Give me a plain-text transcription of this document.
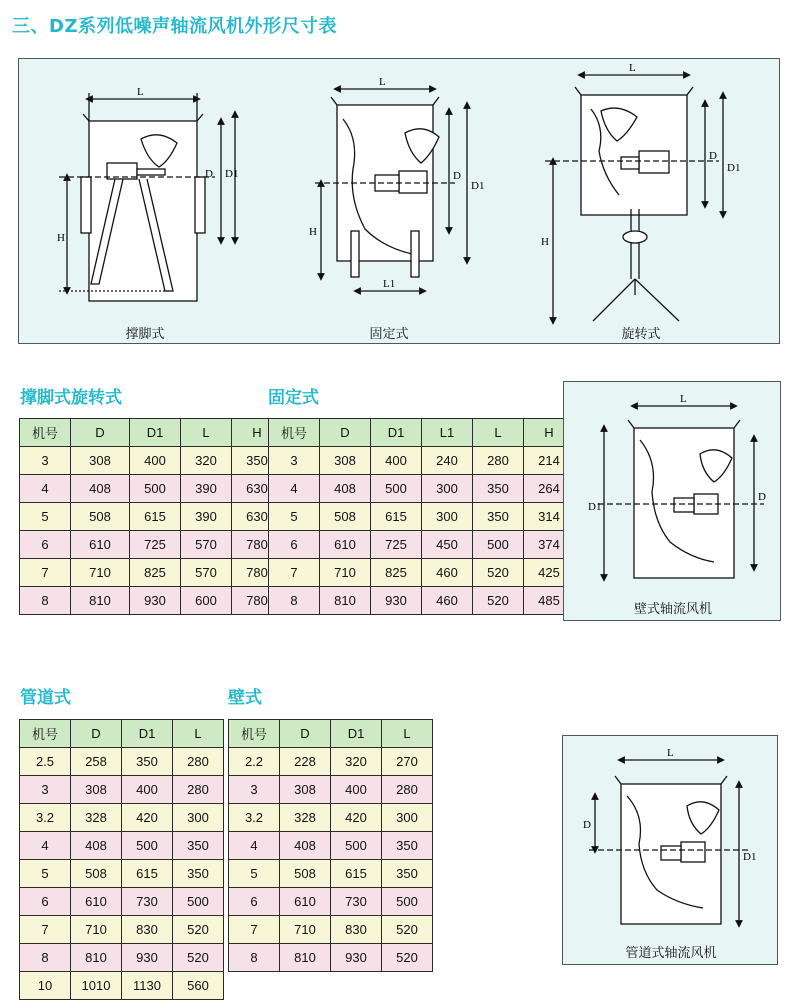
三、DZ系列低噪声轴流风机外形尺寸表
L
D D1
H
L
L1
D
D1
H
L
D
D1
H
撑脚式	固定式	旋转式
撑脚式旋转式	固定式
管道式	壁式
机号	D	D1	L	H
3	308	400	320	350
4	408	500	390	630
5	508	615	390	630
6	610	725	570	780
7	710	825	570	780
8	810	930	600	780
机号	D	D1	L1	L	H
3	308	400	240	280	214
4	408	500	300	350	264
5	508	615	300	350	314
6	610	725	450	500	374
7	710	825	460	520	425
8	810	930	460	520	485
机号	D	D1	L
2.5	258	350	280
3	308	400	280
3.2	328	420	300
4	408	500	350
5	508	615	350
6	610	730	500
7	710	830	520
8	810	930	520
10	1010	1130	560
机号	D	D1	L
2.2	228	320	270
3	308	400	280
3.2	328	420	300
4	408	500	350
5	508	615	350
6	610	730	500
7	710	830	520
8	810	930	520
L
D1
D
壁式轴流风机
L
D
D1
管道式轴流风机
